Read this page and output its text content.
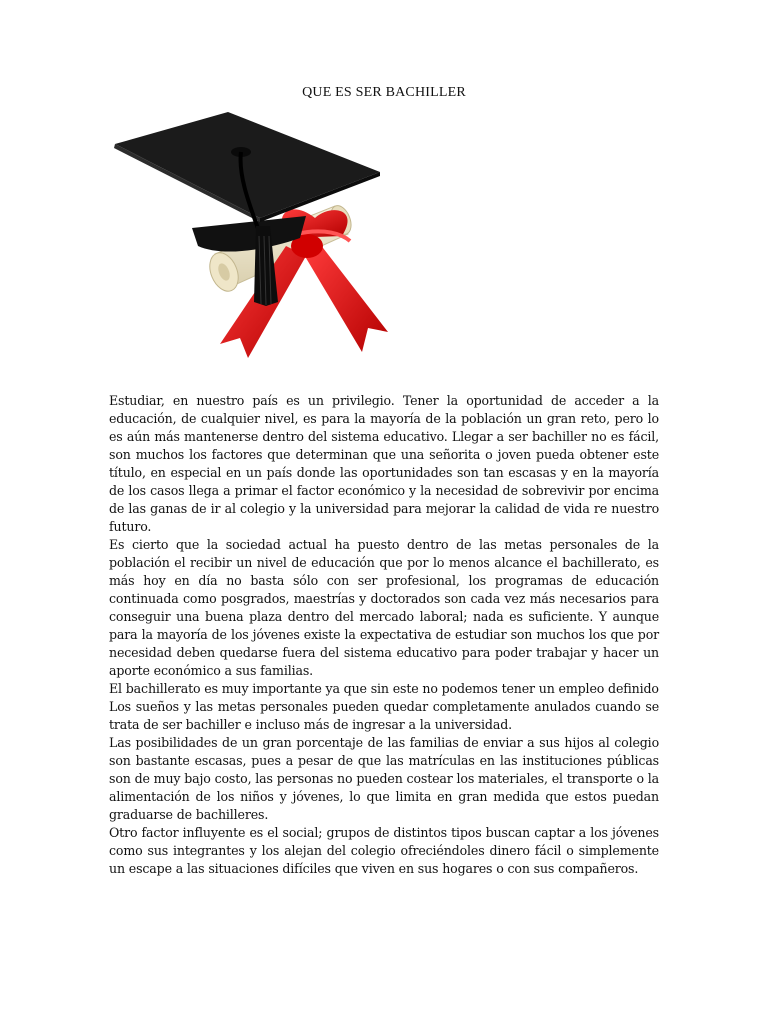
QUE ES SER BACHILLER

Estudiar, en nuestro país es un privilegio. Tener la oportunidad de acceder a la educación, de cualquier nivel, es para la mayoría de la población un gran reto, pero lo es aún más mantenerse dentro del sistema educativo. Llegar a ser bachiller no es fácil, son muchos los factores que determinan que una señorita o joven pueda obtener este título, en especial en un país donde las oportunidades son tan escasas y en la mayoría de los casos llega a primar el factor económico y la necesidad de sobrevivir por encima de las ganas de ir al colegio y la universidad para mejorar la calidad de vida re nuestro futuro.

Es cierto que la sociedad actual ha puesto dentro de las metas personales de la población el recibir un nivel de educación que por lo menos alcance el bachillerato, es más hoy en día no basta sólo con ser profesional, los programas de educación continuada como posgrados, maestrías y doctorados son cada vez más necesarios para conseguir una buena plaza dentro del mercado laboral; nada es suficiente. Y aunque para la mayoría de los jóvenes existe la expectativa de estudiar son muchos los que por necesidad deben quedarse fuera del sistema educativo para poder trabajar y hacer un aporte económico a sus familias.

El bachillerato es muy importante ya que sin este no podemos tener un empleo definido

Los sueños y las metas personales pueden quedar completamente anulados cuando se trata de ser bachiller e incluso más de ingresar a la universidad.

Las posibilidades de un gran porcentaje de las familias de enviar a sus hijos al colegio son bastante escasas, pues a pesar de que las matrículas en las instituciones públicas son de muy bajo costo, las personas no pueden costear los materiales, el transporte o la alimentación de los niños y jóvenes, lo que limita en gran medida que estos puedan graduarse de bachilleres.

Otro factor influyente es el social; grupos de distintos tipos buscan captar a los jóvenes como sus integrantes y los alejan del colegio ofreciéndoles dinero fácil o simplemente un escape a las situaciones difíciles que viven en sus hogares o con sus compañeros.
